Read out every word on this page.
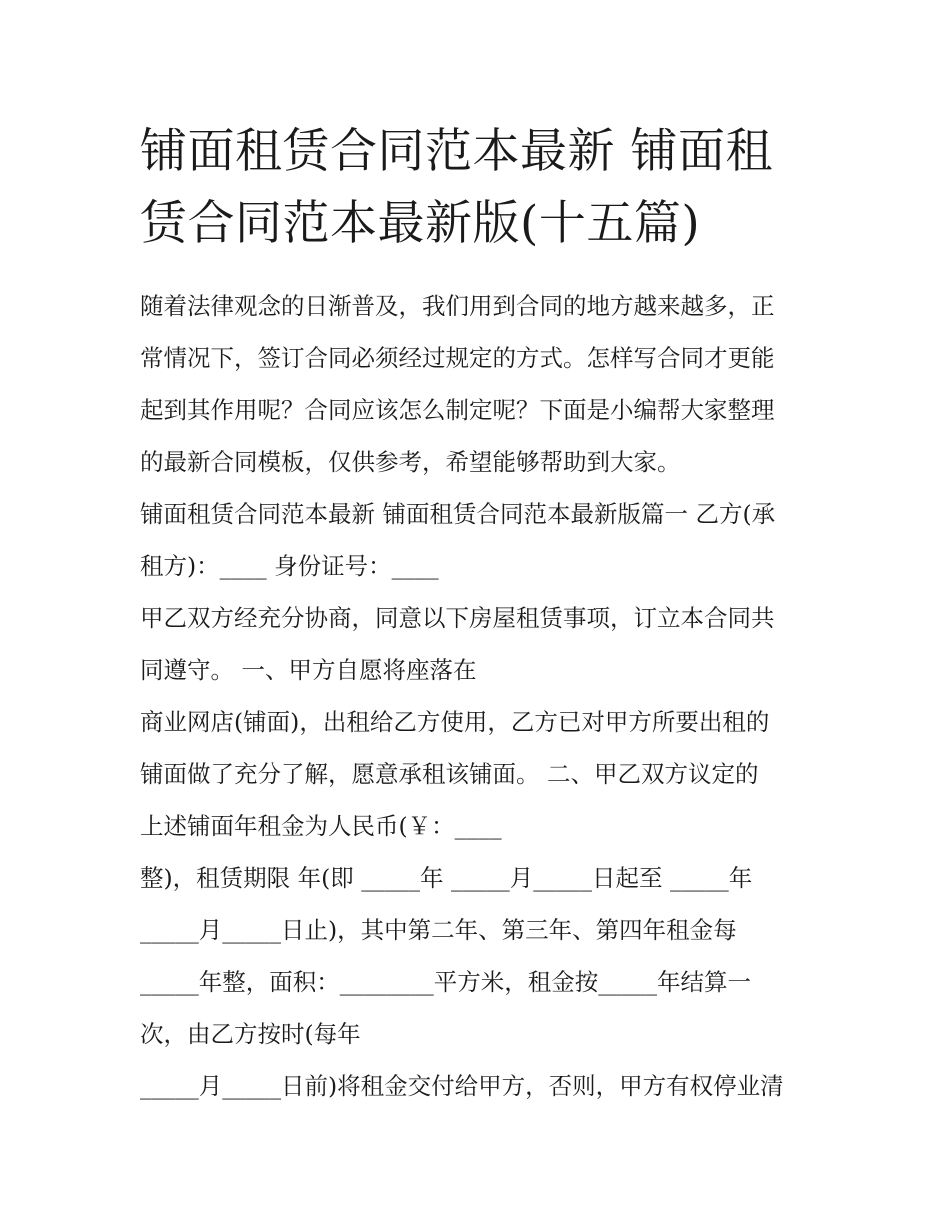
铺面租赁合同范本最新 铺面租
赁合同范本最新版(十五篇)
随着法律观念的日渐普及，我们用到合同的地方越来越多，正
常情况下，签订合同必须经过规定的方式。怎样写合同才更能
起到其作用呢？合同应该怎么制定呢？下面是小编帮大家整理
的最新合同模板，仅供参考，希望能够帮助到大家。
铺面租赁合同范本最新 铺面租赁合同范本最新版篇一 乙方(承
租方)：____ 身份证号：____
甲乙双方经充分协商，同意以下房屋租赁事项，订立本合同共
同遵守。 一、甲方自愿将座落在
商业网店(铺面)，出租给乙方使用，乙方已对甲方所要出租的
铺面做了充分了解，愿意承租该铺面。 二、甲乙双方议定的
上述铺面年租金为人民币(￥：____
整)，租赁期限 年(即 _____年 _____月_____日起至 _____年
_____月_____日止)，其中第二年、第三年、第四年租金每
_____年整，面积：________平方米，租金按_____年结算一
次，由乙方按时(每年
_____月_____日前)将租金交付给甲方，否则，甲方有权停业清
